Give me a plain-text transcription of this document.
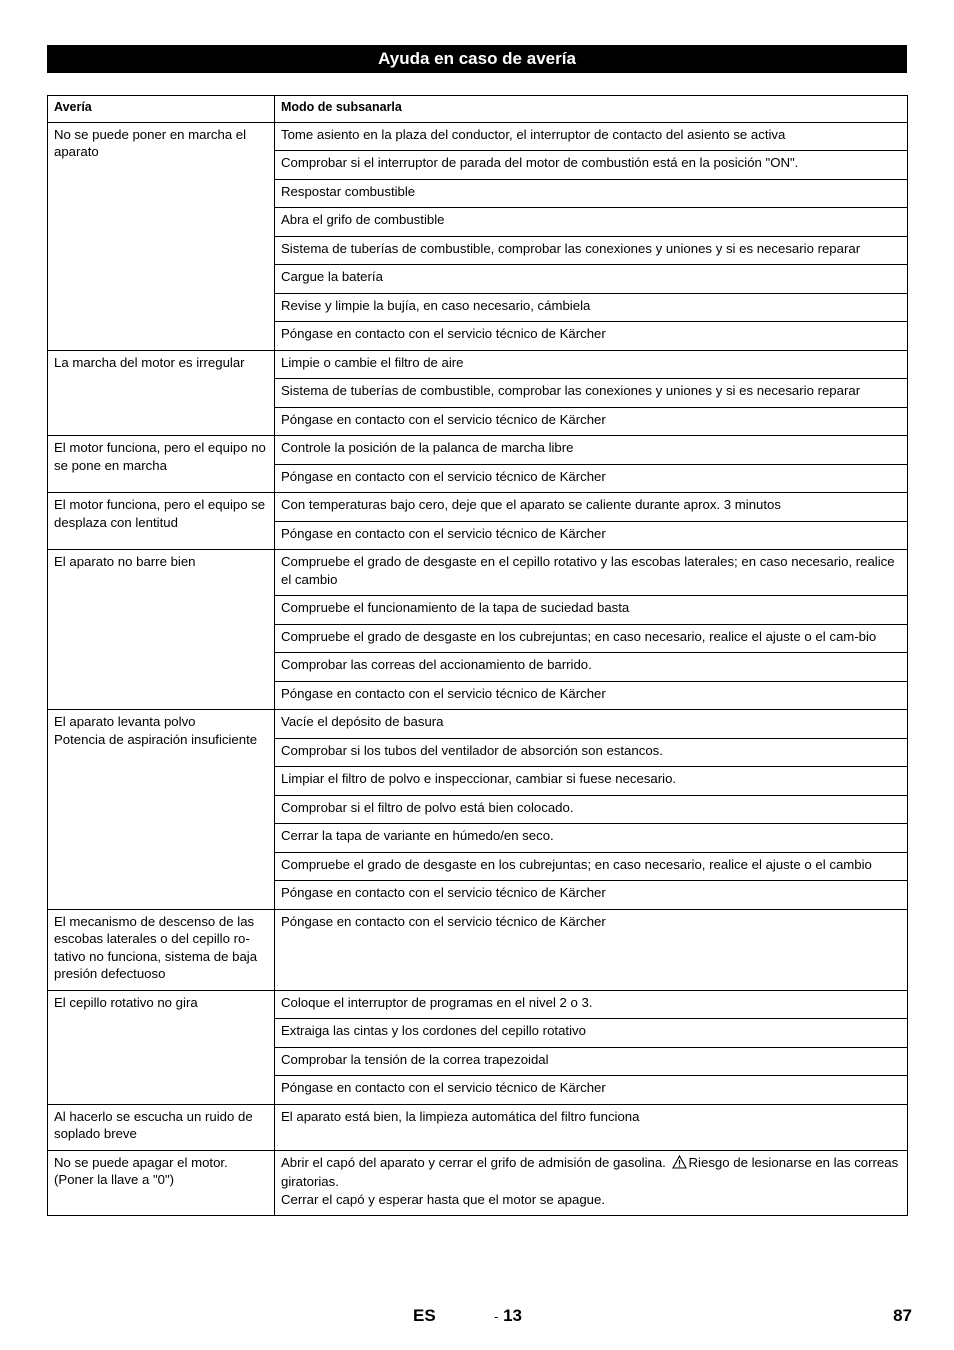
Ayuda en caso de avería
Avería	Modo de subsanarla
No se puede poner en marcha el aparato	Tome asiento en la plaza del conductor, el interruptor de contacto del asiento se activa
	Comprobar si el interruptor de parada del motor de combustión está en la posición "ON".
	Respostar combustible
	Abra el grifo de combustible
	Sistema de tuberías de combustible, comprobar las conexiones y uniones y si es necesario reparar
	Cargue la batería
	Revise y limpie la bujía, en caso necesario, cámbiela
	Póngase en contacto con el servicio técnico de Kärcher
La marcha del motor es irregular	Limpie o cambie el filtro de aire
	Sistema de tuberías de combustible, comprobar las conexiones y uniones y si es necesario reparar
	Póngase en contacto con el servicio técnico de Kärcher
El motor funciona, pero el equipo no se pone en marcha	Controle la posición de la palanca de marcha libre
	Póngase en contacto con el servicio técnico de Kärcher
El motor funciona, pero el equipo se desplaza con lentitud	Con temperaturas bajo cero, deje que el aparato se caliente durante aprox. 3 minutos
	Póngase en contacto con el servicio técnico de Kärcher
El aparato no barre bien	Compruebe el grado de desgaste en el cepillo rotativo y las escobas laterales; en caso necesario, realice el cambio
	Compruebe el funcionamiento de la tapa de suciedad basta
	Compruebe el grado de desgaste en los cubrejuntas; en caso necesario, realice el ajuste o el cam-bio
	Comprobar las correas del accionamiento de barrido.
	Póngase en contacto con el servicio técnico de Kärcher
El aparato levanta polvo
Potencia de aspiración insuficiente	Vacíe el depósito de basura
	Comprobar si los tubos del ventilador de absorción son estancos.
	Limpiar el filtro de polvo e inspeccionar, cambiar si fuese necesario.
	Comprobar si el filtro de polvo está bien colocado.
	Cerrar la tapa de variante en húmedo/en seco.
	Compruebe el grado de desgaste en los cubrejuntas; en caso necesario, realice el ajuste o el cambio
	Póngase en contacto con el servicio técnico de Kärcher
El mecanismo de descenso de las escobas laterales o del cepillo ro-tativo no funciona, sistema de baja presión defectuoso	Póngase en contacto con el servicio técnico de Kärcher
El cepillo rotativo no gira	Coloque el interruptor de programas en el nivel 2 o 3.
	Extraiga las cintas y los cordones del cepillo rotativo
	Comprobar la tensión de la correa trapezoidal
	Póngase en contacto con el servicio técnico de Kärcher
Al hacerlo se escucha un ruido de soplado breve	El aparato está bien, la limpieza automática del filtro funciona
No se puede apagar el motor. (Poner la llave a "0")	Abrir el capó del aparato y cerrar el grifo de admisión de gasolina. Riesgo de lesionarse en las correas giratorias.
Cerrar el capó y esperar hasta que el motor se apague.
ES	- 13	87
